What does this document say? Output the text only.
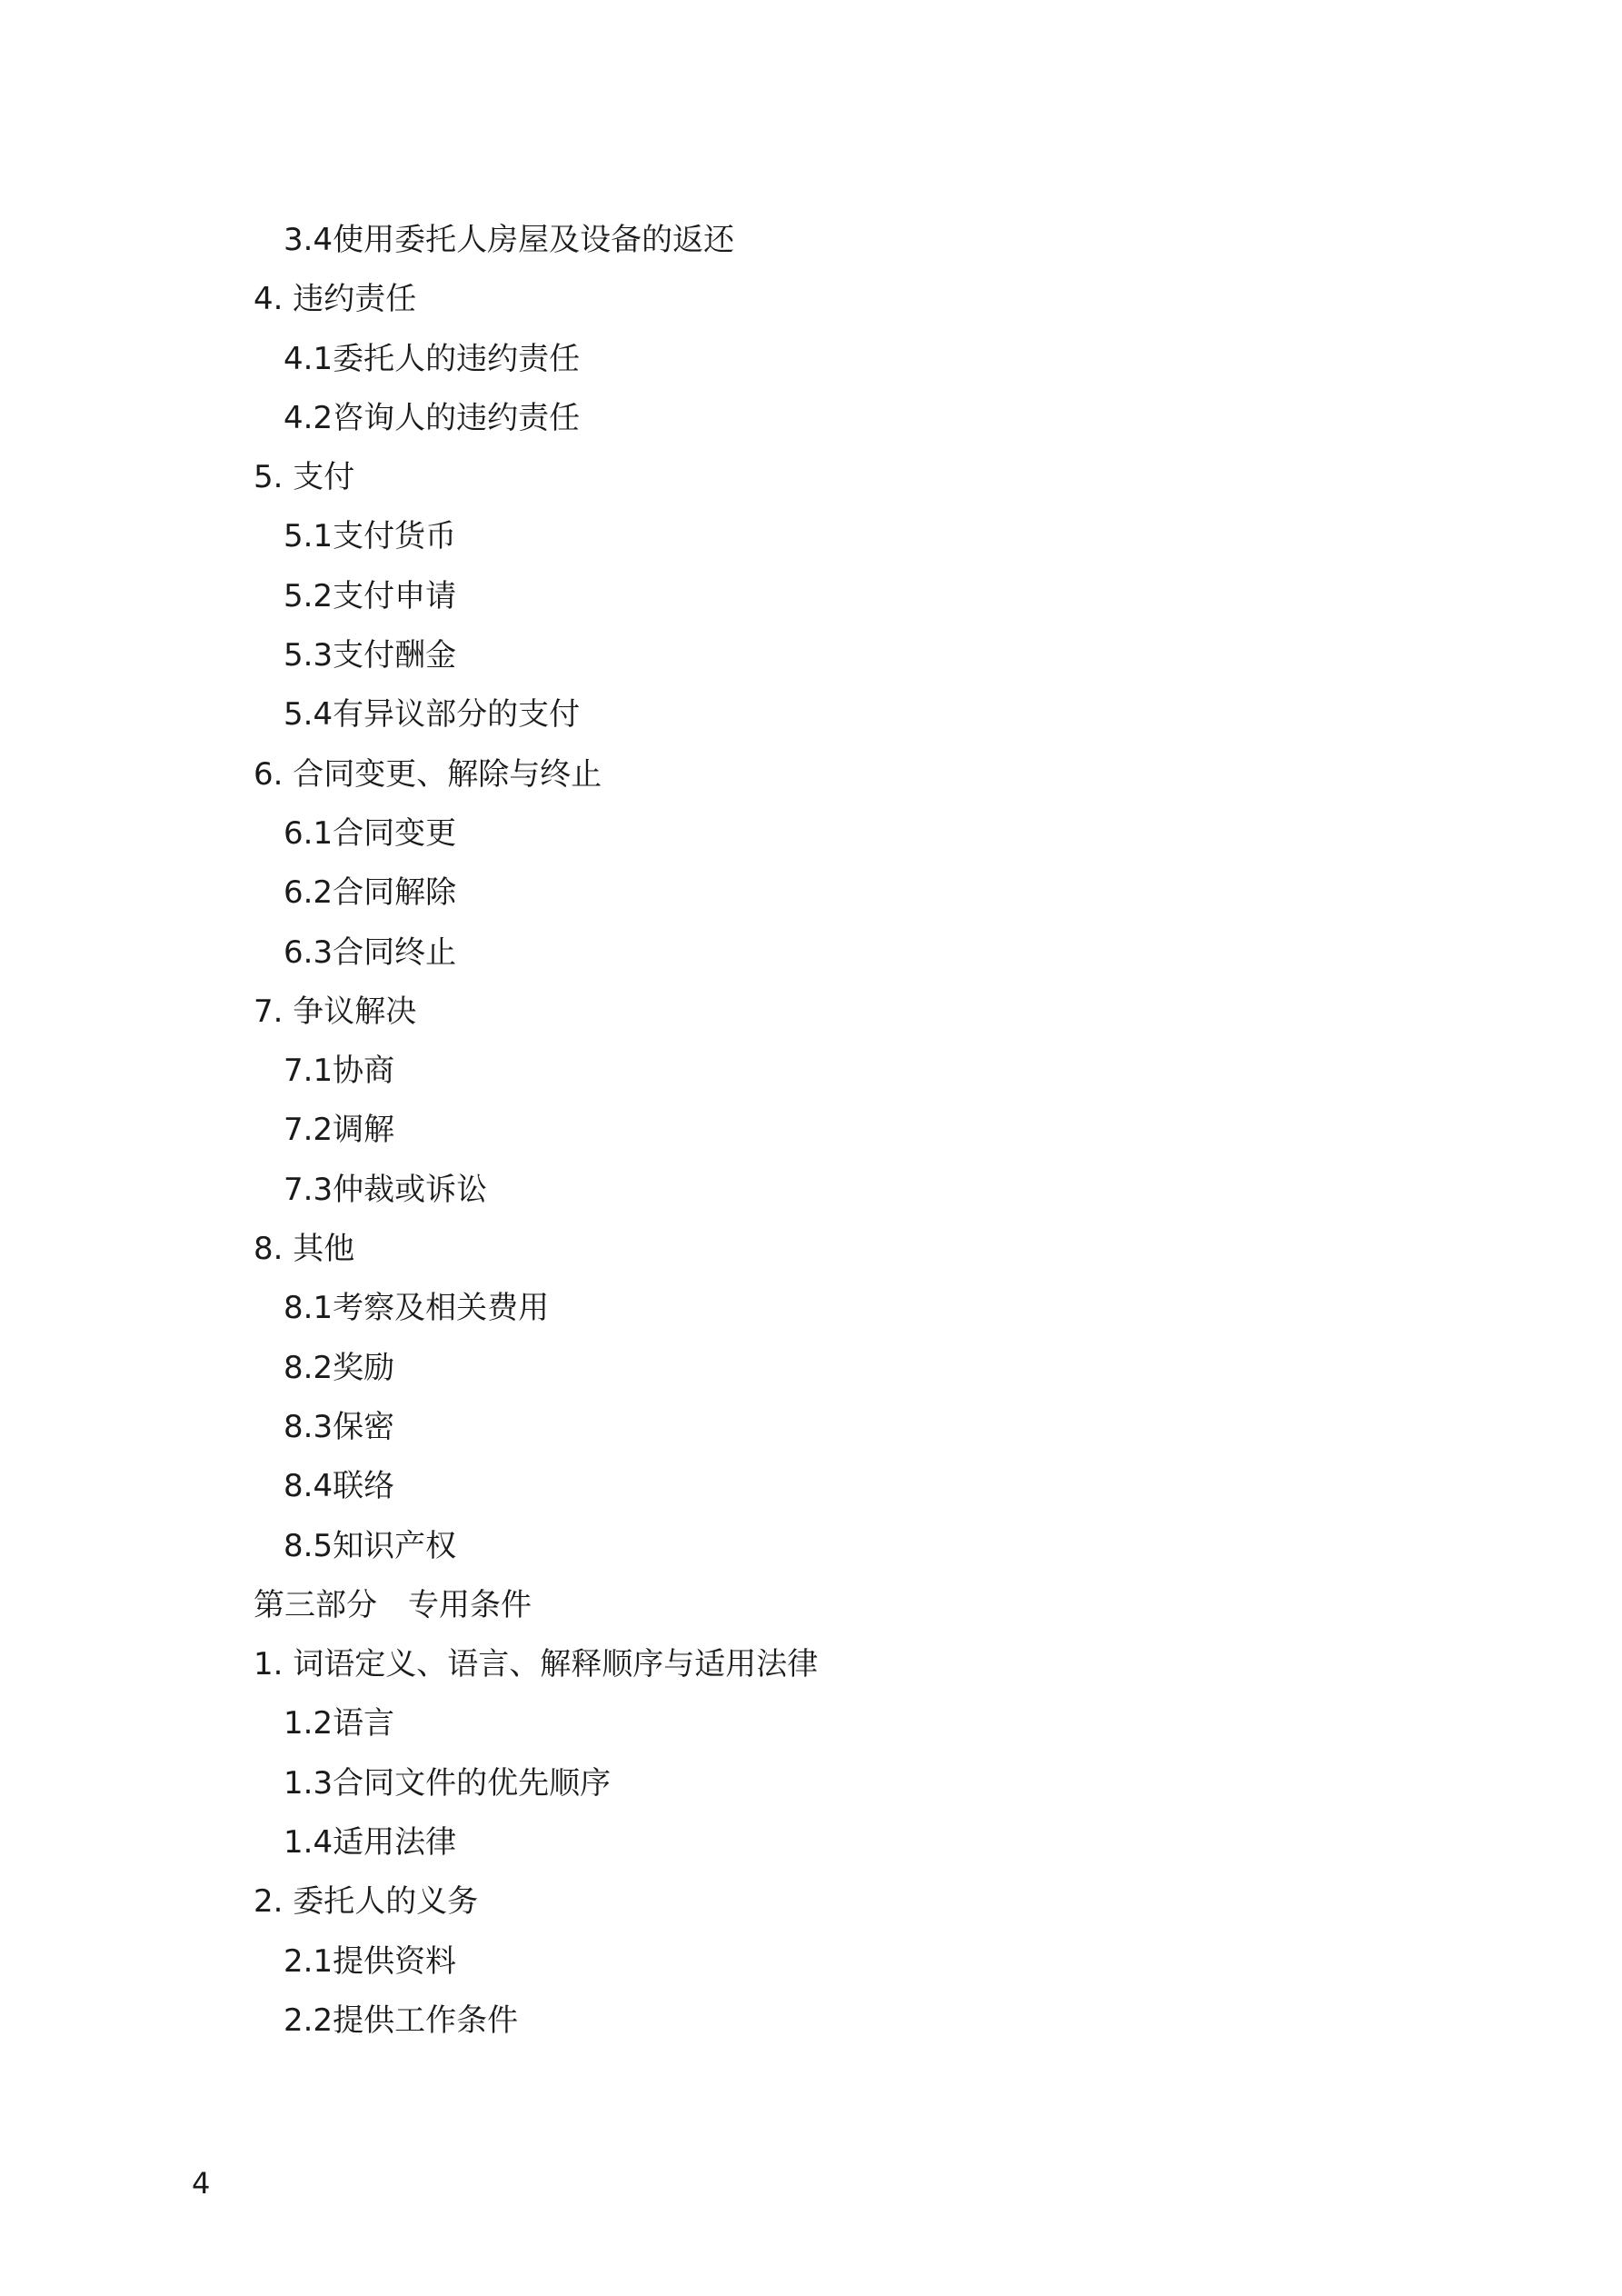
3.4使用委托人房屋及设备的返还
4. 违约责任
4.1委托人的违约责任
4.2咨询人的违约责任
5. 支付
5.1支付货币
5.2支付申请
5.3支付酬金
5.4有异议部分的支付
6. 合同变更、解除与终止
6.1合同变更
6.2合同解除
6.3合同终止
7. 争议解决
7.1协商
7.2调解
7.3仲裁或诉讼
8. 其他
8.1考察及相关费用
8.2奖励
8.3保密
8.4联络
8.5知识产权
第三部分　专用条件
1. 词语定义、语言、解释顺序与适用法律
1.2语言
1.3合同文件的优先顺序
1.4适用法律
2. 委托人的义务
2.1提供资料
2.2提供工作条件
4
